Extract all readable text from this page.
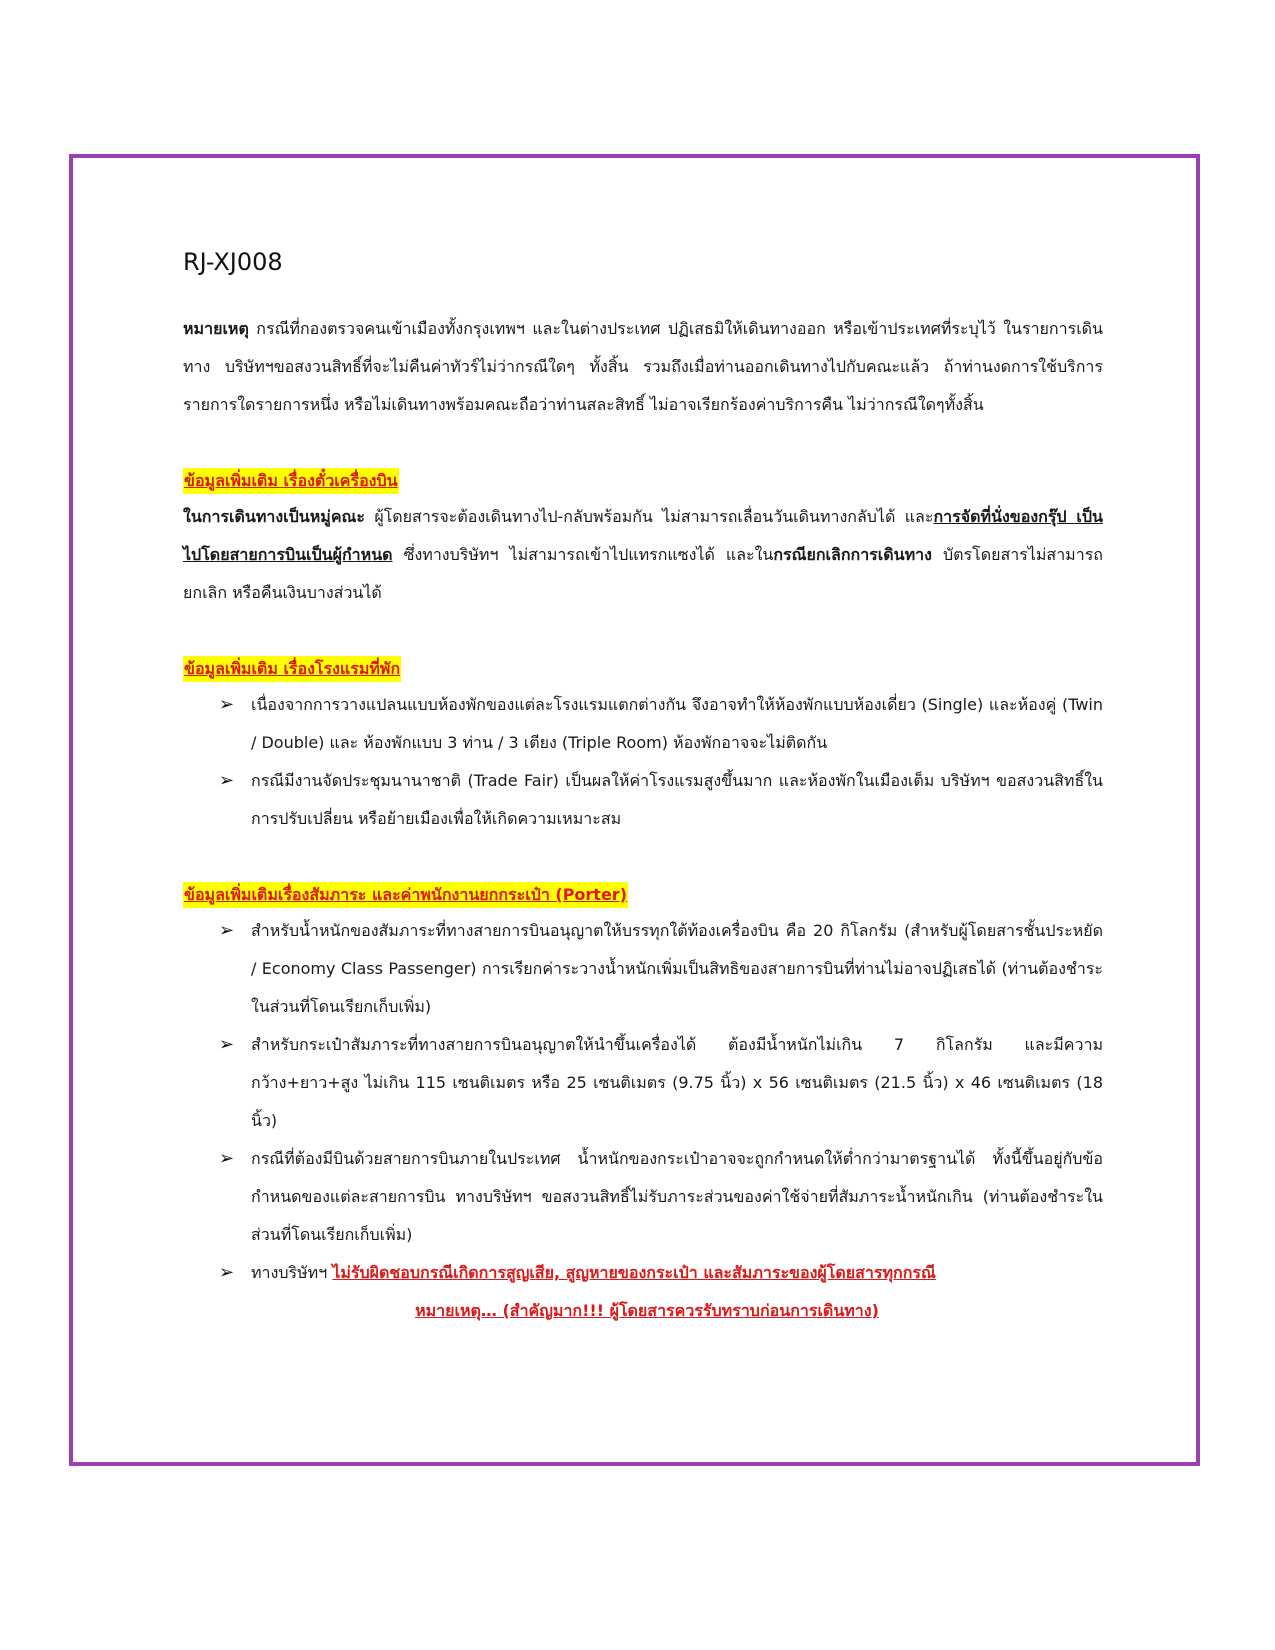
RJ-XJ008

หมายเหตุ กรณีที่กองตรวจคนเข้าเมืองทั้งกรุงเทพฯ และในต่างประเทศ ปฏิเสธมิให้เดินทางออก หรือเข้าประเทศที่ระบุไว้ ในรายการเดินทาง บริษัทฯขอสงวนสิทธิ์ที่จะไม่คืนค่าทัวร์ไม่ว่ากรณีใดๆ ทั้งสิ้น รวมถึงเมื่อท่านออกเดินทางไปกับคณะแล้ว ถ้าท่านงดการใช้บริการรายการใดรายการหนึ่ง หรือไม่เดินทางพร้อมคณะถือว่าท่านสละสิทธิ์ ไม่อาจเรียกร้องค่าบริการคืน ไม่ว่ากรณีใดๆทั้งสิ้น

ข้อมูลเพิ่มเติม เรื่องตั๋วเครื่องบิน

ในการเดินทางเป็นหมู่คณะ ผู้โดยสารจะต้องเดินทางไป-กลับพร้อมกัน ไม่สามารถเลื่อนวันเดินทางกลับได้ และการจัดที่นั่งของกรุ๊ป เป็นไปโดยสายการบินเป็นผู้กำหนด ซึ่งทางบริษัทฯ ไม่สามารถเข้าไปแทรกแซงได้ และในกรณียกเลิกการเดินทาง บัตรโดยสารไม่สามารถยกเลิก หรือคืนเงินบางส่วนได้

ข้อมูลเพิ่มเติม เรื่องโรงแรมที่พัก
➢ เนื่องจากการวางแปลนแบบห้องพักของแต่ละโรงแรมแตกต่างกัน จึงอาจทำให้ห้องพักแบบห้องเดี่ยว (Single) และห้องคู่ (Twin / Double) และ ห้องพักแบบ 3 ท่าน / 3 เตียง (Triple Room) ห้องพักอาจจะไม่ติดกัน
➢ กรณีมีงานจัดประชุมนานาชาติ (Trade Fair) เป็นผลให้ค่าโรงแรมสูงขึ้นมาก และห้องพักในเมืองเต็ม บริษัทฯ ขอสงวนสิทธิ์ในการปรับเปลี่ยน หรือย้ายเมืองเพื่อให้เกิดความเหมาะสม
ข้อมูลเพิ่มเติมเรื่องสัมภาระ และค่าพนักงานยกกระเป๋า (Porter)
➢ สำหรับน้ำหนักของสัมภาระที่ทางสายการบินอนุญาตให้บรรทุกใต้ท้องเครื่องบิน คือ 20 กิโลกรัม (สำหรับผู้โดยสารชั้นประหยัด / Economy Class Passenger) การเรียกค่าระวางน้ำหนักเพิ่มเป็นสิทธิของสายการบินที่ท่านไม่อาจปฏิเสธได้ (ท่านต้องชำระในส่วนที่โดนเรียกเก็บเพิ่ม)
➢ สำหรับกระเป๋าสัมภาระที่ทางสายการบินอนุญาตให้นำขึ้นเครื่องได้ ต้องมีน้ำหนักไม่เกิน 7 กิโลกรัม และมีความกว้าง+ยาว+สูง ไม่เกิน 115 เซนติเมตร หรือ 25 เซนติเมตร (9.75 นิ้ว) x 56 เซนติเมตร (21.5 นิ้ว) x 46 เซนติเมตร (18 นิ้ว)
➢ กรณีที่ต้องมีบินด้วยสายการบินภายในประเทศ น้ำหนักของกระเป๋าอาจจะถูกกำหนดให้ต่ำกว่ามาตรฐานได้ ทั้งนี้ขึ้นอยู่กับข้อกำหนดของแต่ละสายการบิน ทางบริษัทฯ ขอสงวนสิทธิ์ไม่รับภาระส่วนของค่าใช้จ่ายที่สัมภาระน้ำหนักเกิน (ท่านต้องชำระในส่วนที่โดนเรียกเก็บเพิ่ม)
➢ ทางบริษัทฯ ไม่รับผิดชอบกรณีเกิดการสูญเสีย, สูญหายของกระเป๋า และสัมภาระของผู้โดยสารทุกกรณี
หมายเหตุ… (สำคัญมาก!!! ผู้โดยสารควรรับทราบก่อนการเดินทาง)
